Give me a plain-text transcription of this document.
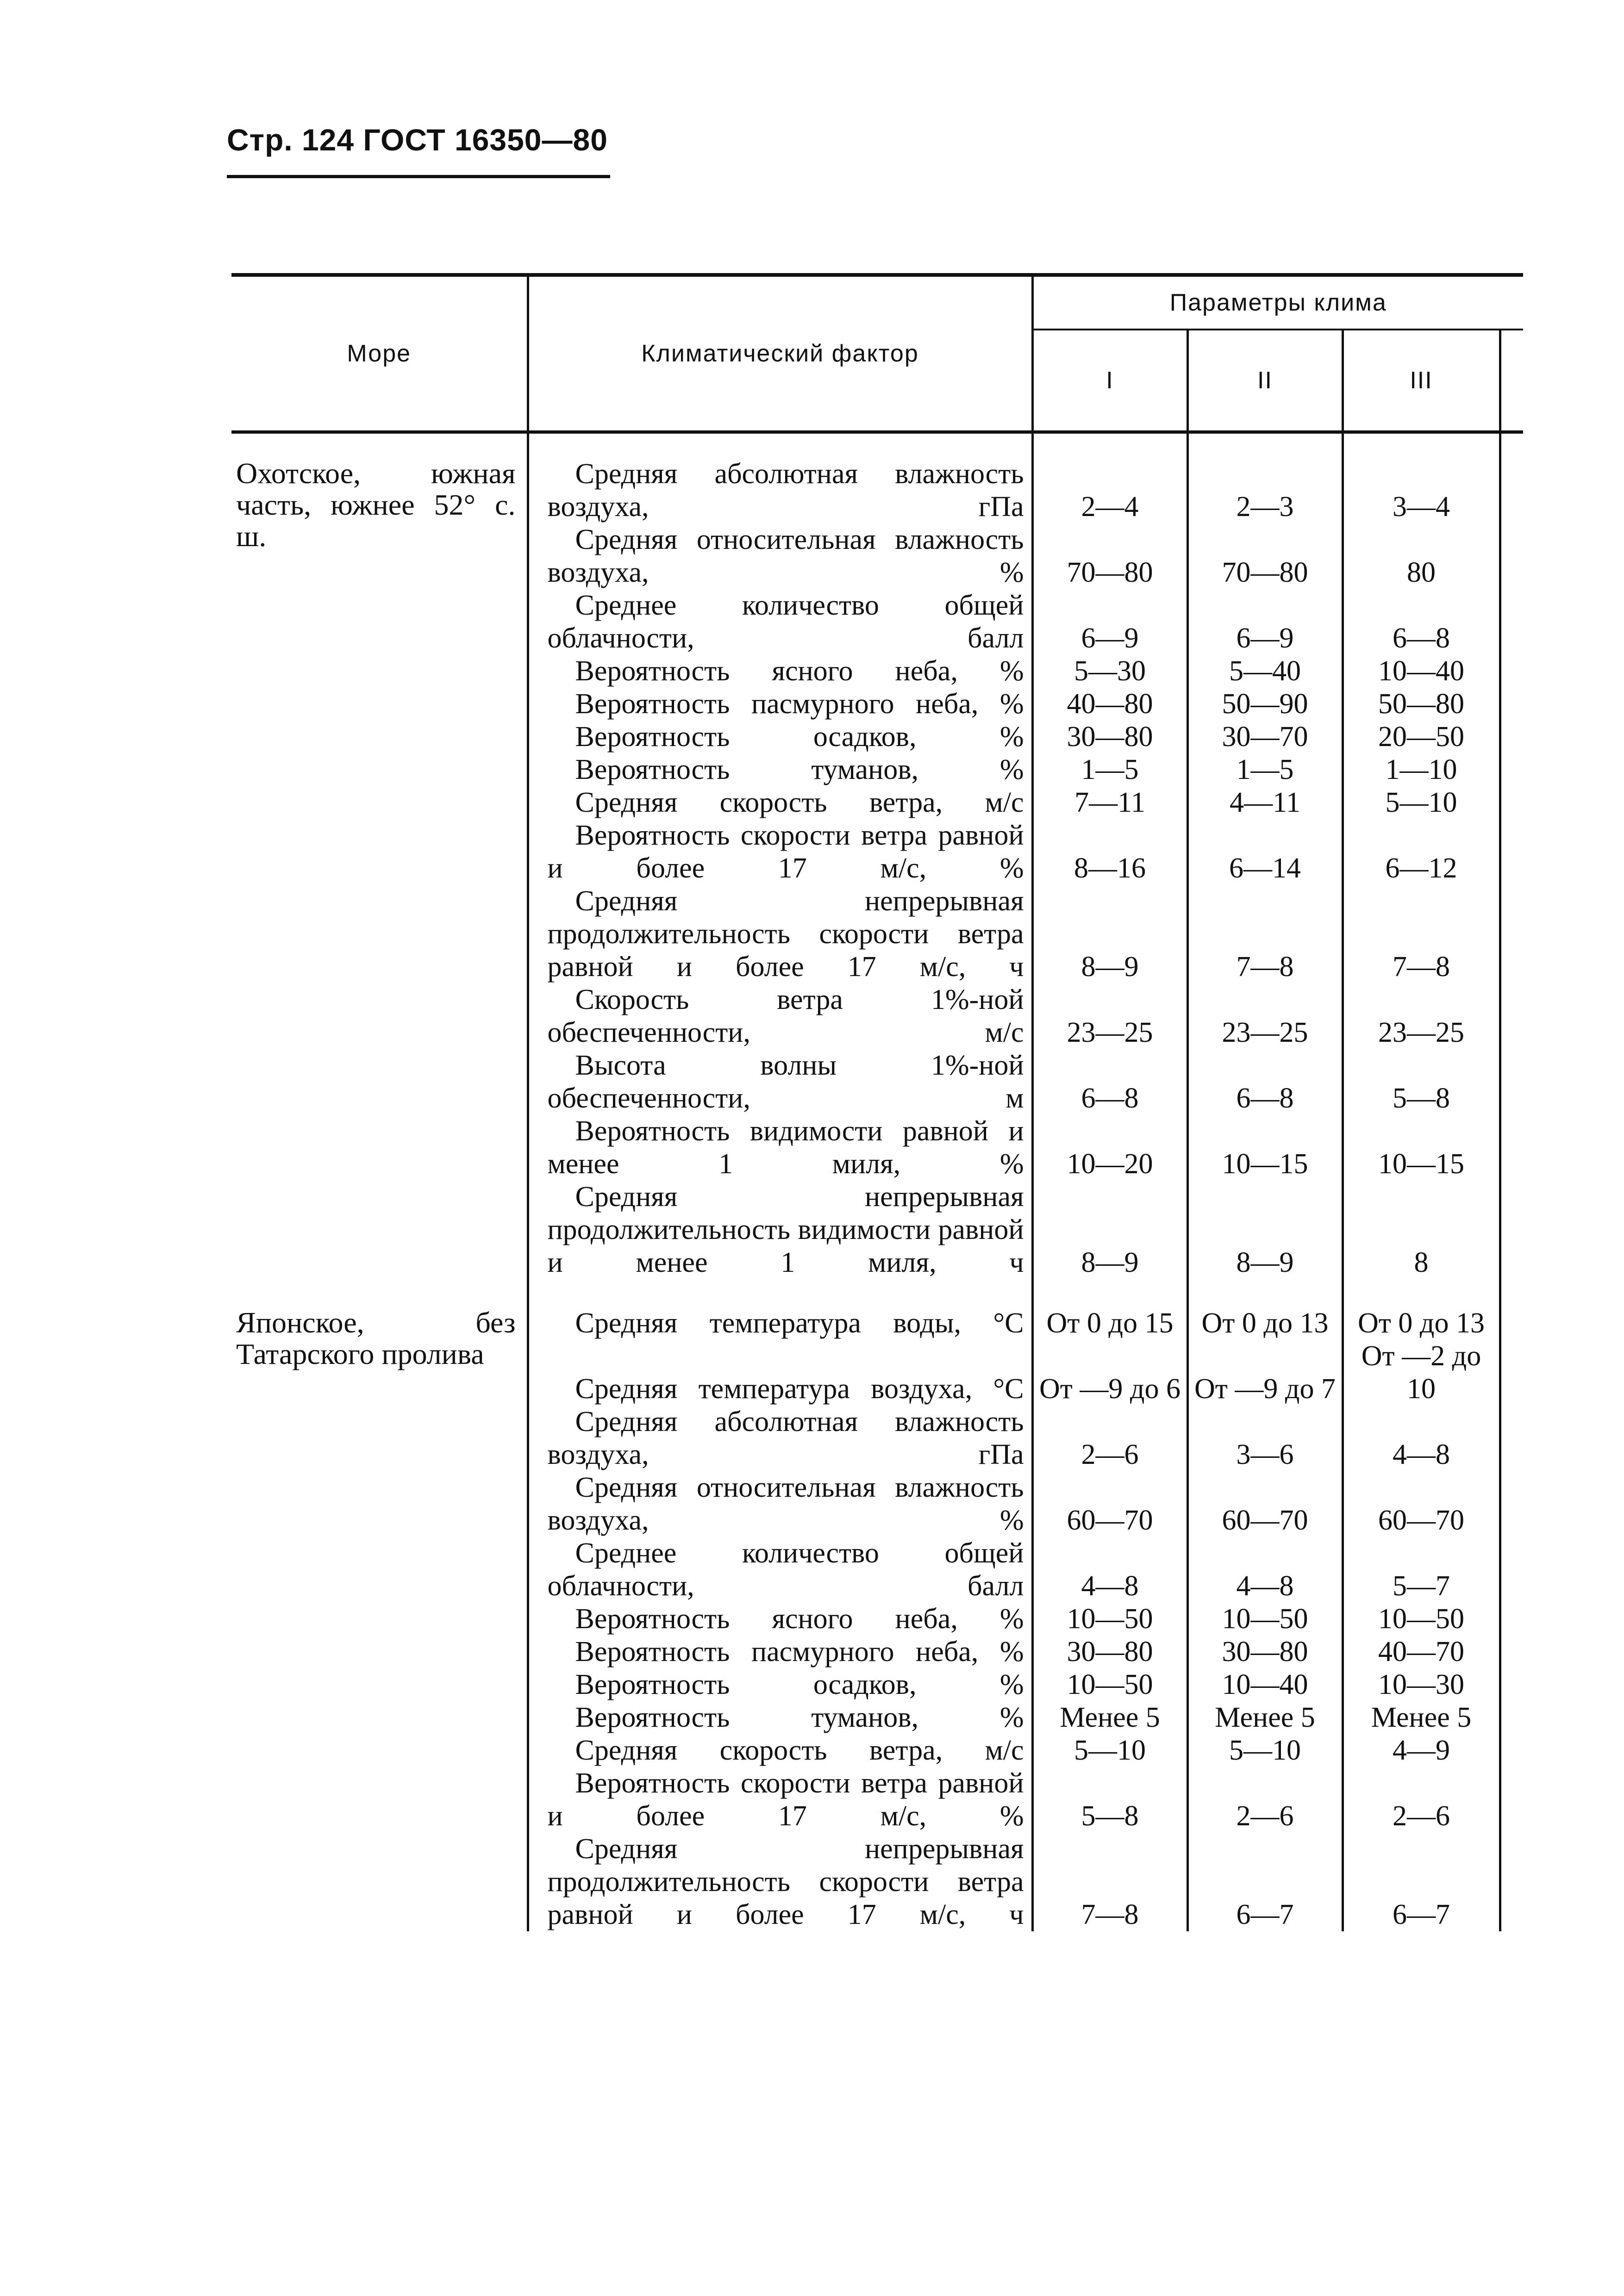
Стр. 124 ГОСТ 16350—80
Море	Климатический фактор	Параметры клима			
		I	II	III	

Охотское, южная часть, южнее 52° с. ш.	Средняя абсолютная влажность воздуха, гПа	2—4	2—3	3—4	

	Средняя относительная влажность воздуха, %	70—80	70—80	80	

	Среднее количество общей облачности, балл	6—9	6—9	6—8	

	Вероятность ясного неба, %	5—30	5—40	10—40	

	Вероятность пасмурного неба, %	40—80	50—90	50—80	

	Вероятность осадков, %	30—80	30—70	20—50	

	Вероятность туманов, %	1—5	1—5	1—10	

	Средняя скорость ветра, м/с	7—11	4—11	5—10	

	Вероятность скорости ветра равной и более 17 м/с, %	8—16	6—14	6—12	

	Средняя непрерывная продолжительность скорости ветра равной и более 17 м/с, ч	8—9	7—8	7—8	

	Скорость ветра 1%-ной обеспеченности, м/с	23—25	23—25	23—25	

	Высота волны 1%-ной обеспеченности, м	6—8	6—8	5—8	

	Вероятность видимости равной и менее 1 миля, %	10—20	10—15	10—15	

	Средняя непрерывная продолжительность видимости равной и менее 1 миля, ч	8—9	8—9	8	

Японское, без Татарского пролива	Средняя температура воды, °С	От 0 до 15	От 0 до 13	От 0 до 13	

	Средняя температура воздуха, °С	От —9 до 6	От —9 до 7	От —2 до 10	

	Средняя абсолютная влажность воздуха, гПа	2—6	3—6	4—8	

	Средняя относительная влажность воздуха, %	60—70	60—70	60—70	

	Среднее количество общей облачности, балл	4—8	4—8	5—7	

	Вероятность ясного неба, %	10—50	10—50	10—50	

	Вероятность пасмурного неба, %	30—80	30—80	40—70	

	Вероятность осадков, %	10—50	10—40	10—30	

	Вероятность туманов, %	Менее 5	Менее 5	Менее 5	

	Средняя скорость ветра, м/с	5—10	5—10	4—9	

	Вероятность скорости ветра равной и более 17 м/с, %	5—8	2—6	2—6	

	Средняя непрерывная продолжительность скорости ветра равной и более 17 м/с, ч	7—8	6—7	6—7	
